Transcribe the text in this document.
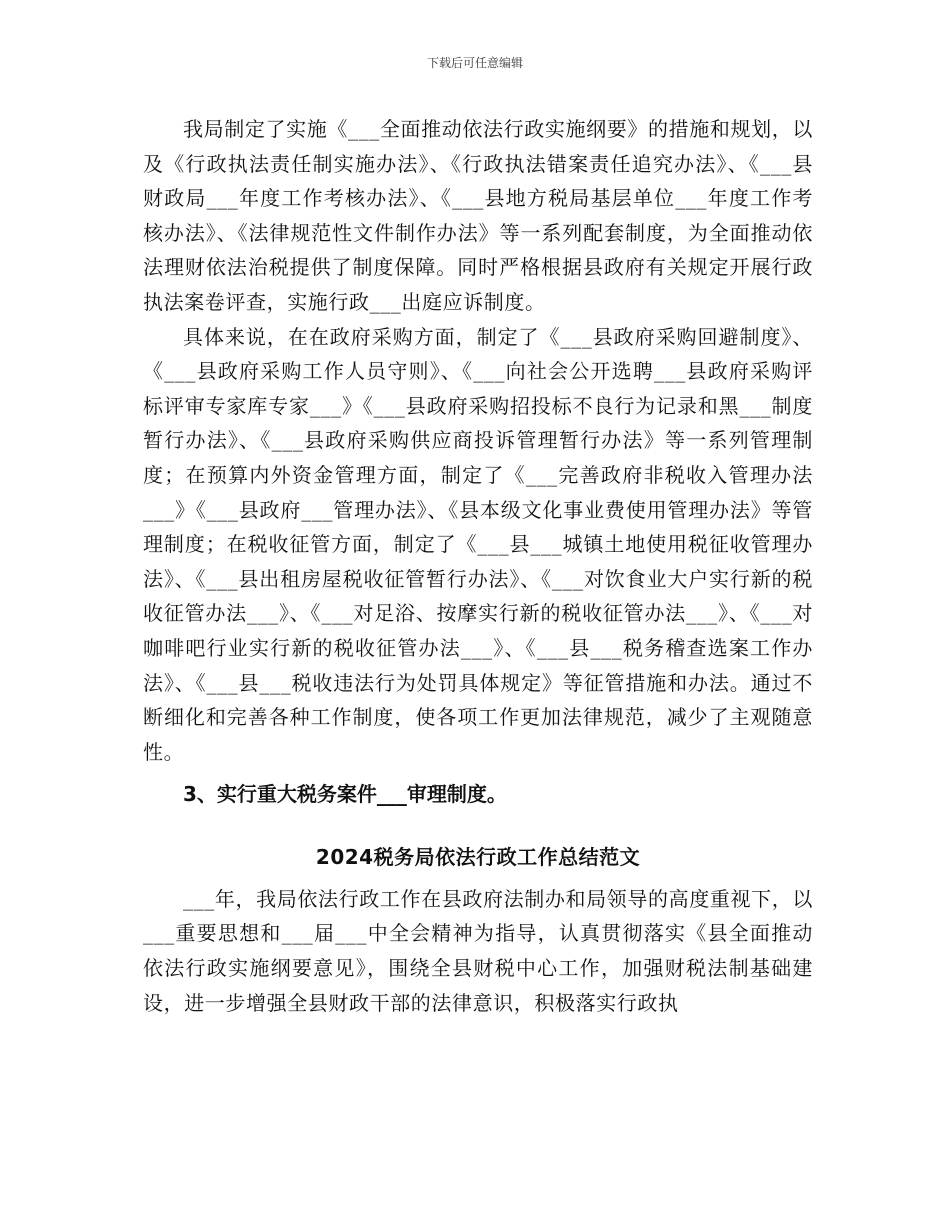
下载后可任意编辑

我局制定了实施《___全面推动依法行政实施纲要》的措施和规划，以及《行政执法责任制实施办法》、《行政执法错案责任追究办法》、《___县财政局___年度工作考核办法》、《___县地方税局基层单位___年度工作考核办法》、《法律规范性文件制作办法》等一系列配套制度，为全面推动依法理财依法治税提供了制度保障。同时严格根据县政府有关规定开展行政执法案卷评查，实施行政___出庭应诉制度。

具体来说，在在政府采购方面，制定了《___县政府采购回避制度》、《___县政府采购工作人员守则》、《___向社会公开选聘___县政府采购评标评审专家库专家___》《___县政府采购招投标不良行为记录和黑___制度暂行办法》、《___县政府采购供应商投诉管理暂行办法》等一系列管理制度；在预算内外资金管理方面，制定了《___完善政府非税收入管理办法___》《___县政府___管理办法》、《县本级文化事业费使用管理办法》等管理制度；在税收征管方面，制定了《___县___城镇土地使用税征收管理办法》、《___县出租房屋税收征管暂行办法》、《___对饮食业大户实行新的税收征管办法___》、《___对足浴、按摩实行新的税收征管办法___》、《___对咖啡吧行业实行新的税收征管办法___》、《___县___税务稽查选案工作办法》、《___县___税收违法行为处罚具体规定》等征管措施和办法。通过不断细化和完善各种工作制度，使各项工作更加法律规范，减少了主观随意性。

3、实行重大税务案件___审理制度。

2024税务局依法行政工作总结范文

___年，我局依法行政工作在县政府法制办和局领导的高度重视下，以___重要思想和___届___中全会精神为指导，认真贯彻落实《县全面推动依法行政实施纲要意见》，围绕全县财税中心工作，加强财税法制基础建设，进一步增强全县财政干部的法律意识，积极落实行政执
